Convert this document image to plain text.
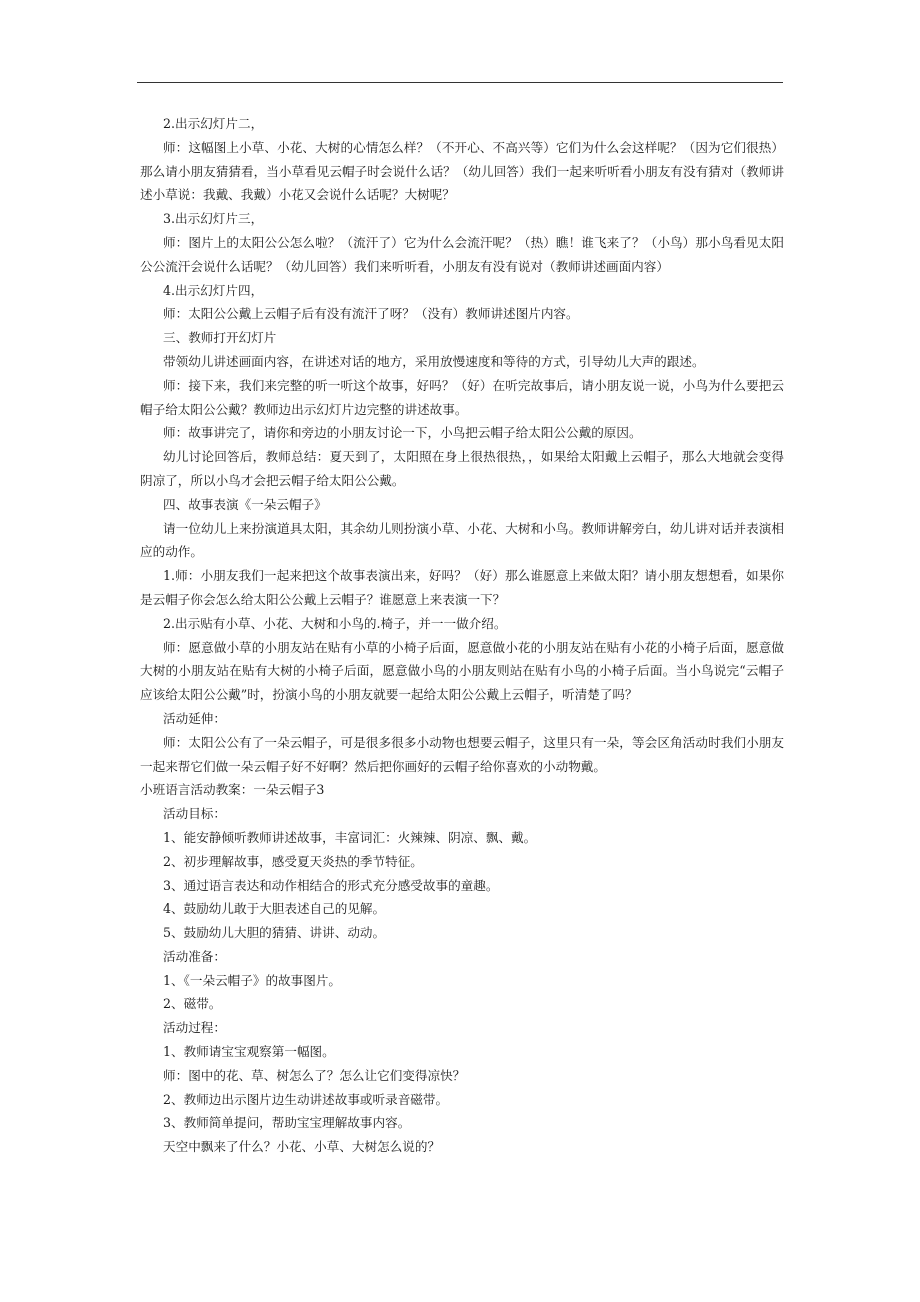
2.出示幻灯片二，

师：这幅图上小草、小花、大树的心情怎么样？（不开心、不高兴等）它们为什么会这样呢？（因为它们很热）那么请小朋友猜猜看，当小草看见云帽子时会说什么话？（幼儿回答）我们一起来听听看小朋友有没有猜对（教师讲述小草说：我戴、我戴）小花又会说什么话呢？大树呢？

3.出示幻灯片三，

师：图片上的太阳公公怎么啦？（流汗了）它为什么会流汗呢？（热）瞧！谁飞来了？（小鸟）那小鸟看见太阳公公流汗会说什么话呢？（幼儿回答）我们来听听看，小朋友有没有说对（教师讲述画面内容）

4.出示幻灯片四，

师：太阳公公戴上云帽子后有没有流汗了呀？（没有）教师讲述图片内容。

三、教师打开幻灯片

带领幼儿讲述画面内容，在讲述对话的地方，采用放慢速度和等待的方式，引导幼儿大声的跟述。

师：接下来，我们来完整的听一听这个故事，好吗？（好）在听完故事后，请小朋友说一说，小鸟为什么要把云帽子给太阳公公戴？教师边出示幻灯片边完整的讲述故事。

师：故事讲完了，请你和旁边的小朋友讨论一下，小鸟把云帽子给太阳公公戴的原因。

幼儿讨论回答后，教师总结：夏天到了，太阳照在身上很热很热，，如果给太阳戴上云帽子，那么大地就会变得阴凉了，所以小鸟才会把云帽子给太阳公公戴。

四、故事表演《一朵云帽子》

请一位幼儿上来扮演道具太阳，其余幼儿则扮演小草、小花、大树和小鸟。教师讲解旁白，幼儿讲对话并表演相应的动作。

1.师：小朋友我们一起来把这个故事表演出来，好吗？（好）那么谁愿意上来做太阳？请小朋友想想看，如果你是云帽子你会怎么给太阳公公戴上云帽子？谁愿意上来表演一下？

2.出示贴有小草、小花、大树和小鸟的.椅子，并一一做介绍。

师：愿意做小草的小朋友站在贴有小草的小椅子后面，愿意做小花的小朋友站在贴有小花的小椅子后面，愿意做大树的小朋友站在贴有大树的小椅子后面，愿意做小鸟的小朋友则站在贴有小鸟的小椅子后面。当小鸟说完“云帽子应该给太阳公公戴”时，扮演小鸟的小朋友就要一起给太阳公公戴上云帽子，听清楚了吗？

活动延伸：

师：太阳公公有了一朵云帽子，可是很多很多小动物也想要云帽子，这里只有一朵，等会区角活动时我们小朋友一起来帮它们做一朵云帽子好不好啊？然后把你画好的云帽子给你喜欢的小动物戴。

小班语言活动教案：一朵云帽子3

活动目标：

1、能安静倾听教师讲述故事，丰富词汇：火辣辣、阴凉、飘、戴。

2、初步理解故事，感受夏天炎热的季节特征。

3、通过语言表达和动作相结合的形式充分感受故事的童趣。

4、鼓励幼儿敢于大胆表述自己的见解。

5、鼓励幼儿大胆的猜猜、讲讲、动动。

活动准备：

1、《一朵云帽子》的故事图片。

2、磁带。

活动过程：

1、教师请宝宝观察第一幅图。

师：图中的花、草、树怎么了？怎么让它们变得凉快？

2、教师边出示图片边生动讲述故事或听录音磁带。

3、教师简单提问，帮助宝宝理解故事内容。

天空中飘来了什么？小花、小草、大树怎么说的？
